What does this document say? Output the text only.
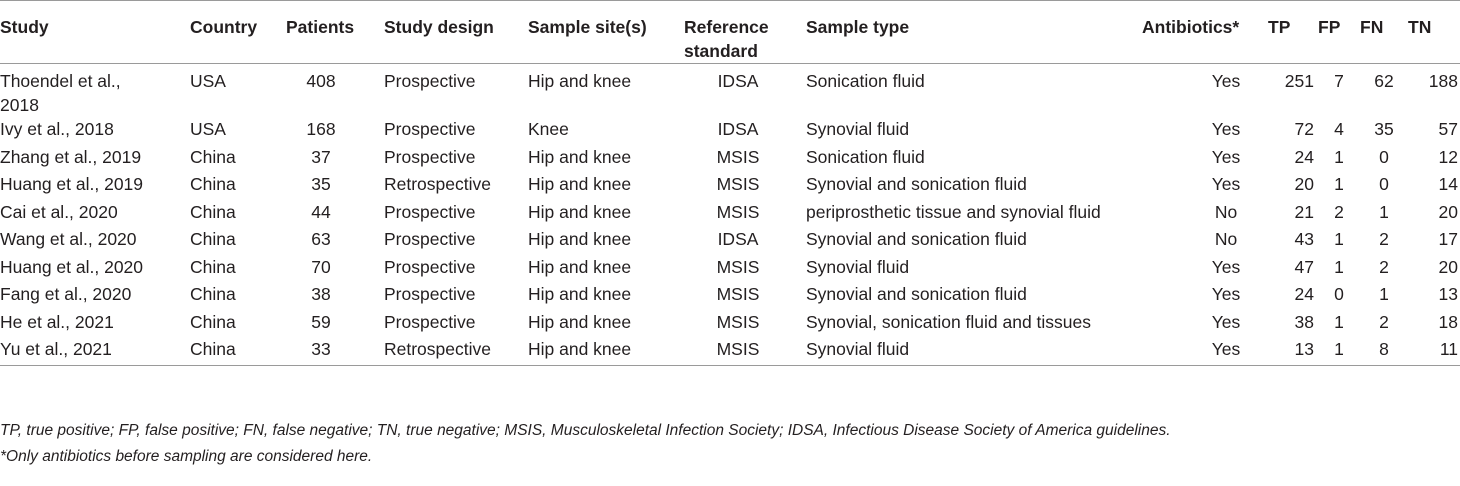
Study	Country	Patients	Study design	Sample site(s)	Reference standard	Sample type	Antibiotics*	TP	FP	FN	TN
Thoendel et al., 2018	USA	408	Prospective	Hip and knee	IDSA	Sonication fluid	Yes	251	7	62	188
Ivy et al., 2018	USA	168	Prospective	Knee	IDSA	Synovial fluid	Yes	72	4	35	57
Zhang et al., 2019	China	37	Prospective	Hip and knee	MSIS	Sonication fluid	Yes	24	1	0	12
Huang et al., 2019	China	35	Retrospective	Hip and knee	MSIS	Synovial and sonication fluid	Yes	20	1	0	14
Cai et al., 2020	China	44	Prospective	Hip and knee	MSIS	periprosthetic tissue and synovial fluid	No	21	2	1	20
Wang et al., 2020	China	63	Prospective	Hip and knee	IDSA	Synovial and sonication fluid	No	43	1	2	17
Huang et al., 2020	China	70	Prospective	Hip and knee	MSIS	Synovial fluid	Yes	47	1	2	20
Fang et al., 2020	China	38	Prospective	Hip and knee	MSIS	Synovial and sonication fluid	Yes	24	0	1	13
He et al., 2021	China	59	Prospective	Hip and knee	MSIS	Synovial, sonication fluid and tissues	Yes	38	1	2	18
Yu et al., 2021	China	33	Retrospective	Hip and knee	MSIS	Synovial fluid	Yes	13	1	8	11
TP, true positive; FP, false positive; FN, false negative; TN, true negative; MSIS, Musculoskeletal Infection Society; IDSA, Infectious Disease Society of America guidelines.
*Only antibiotics before sampling are considered here.
